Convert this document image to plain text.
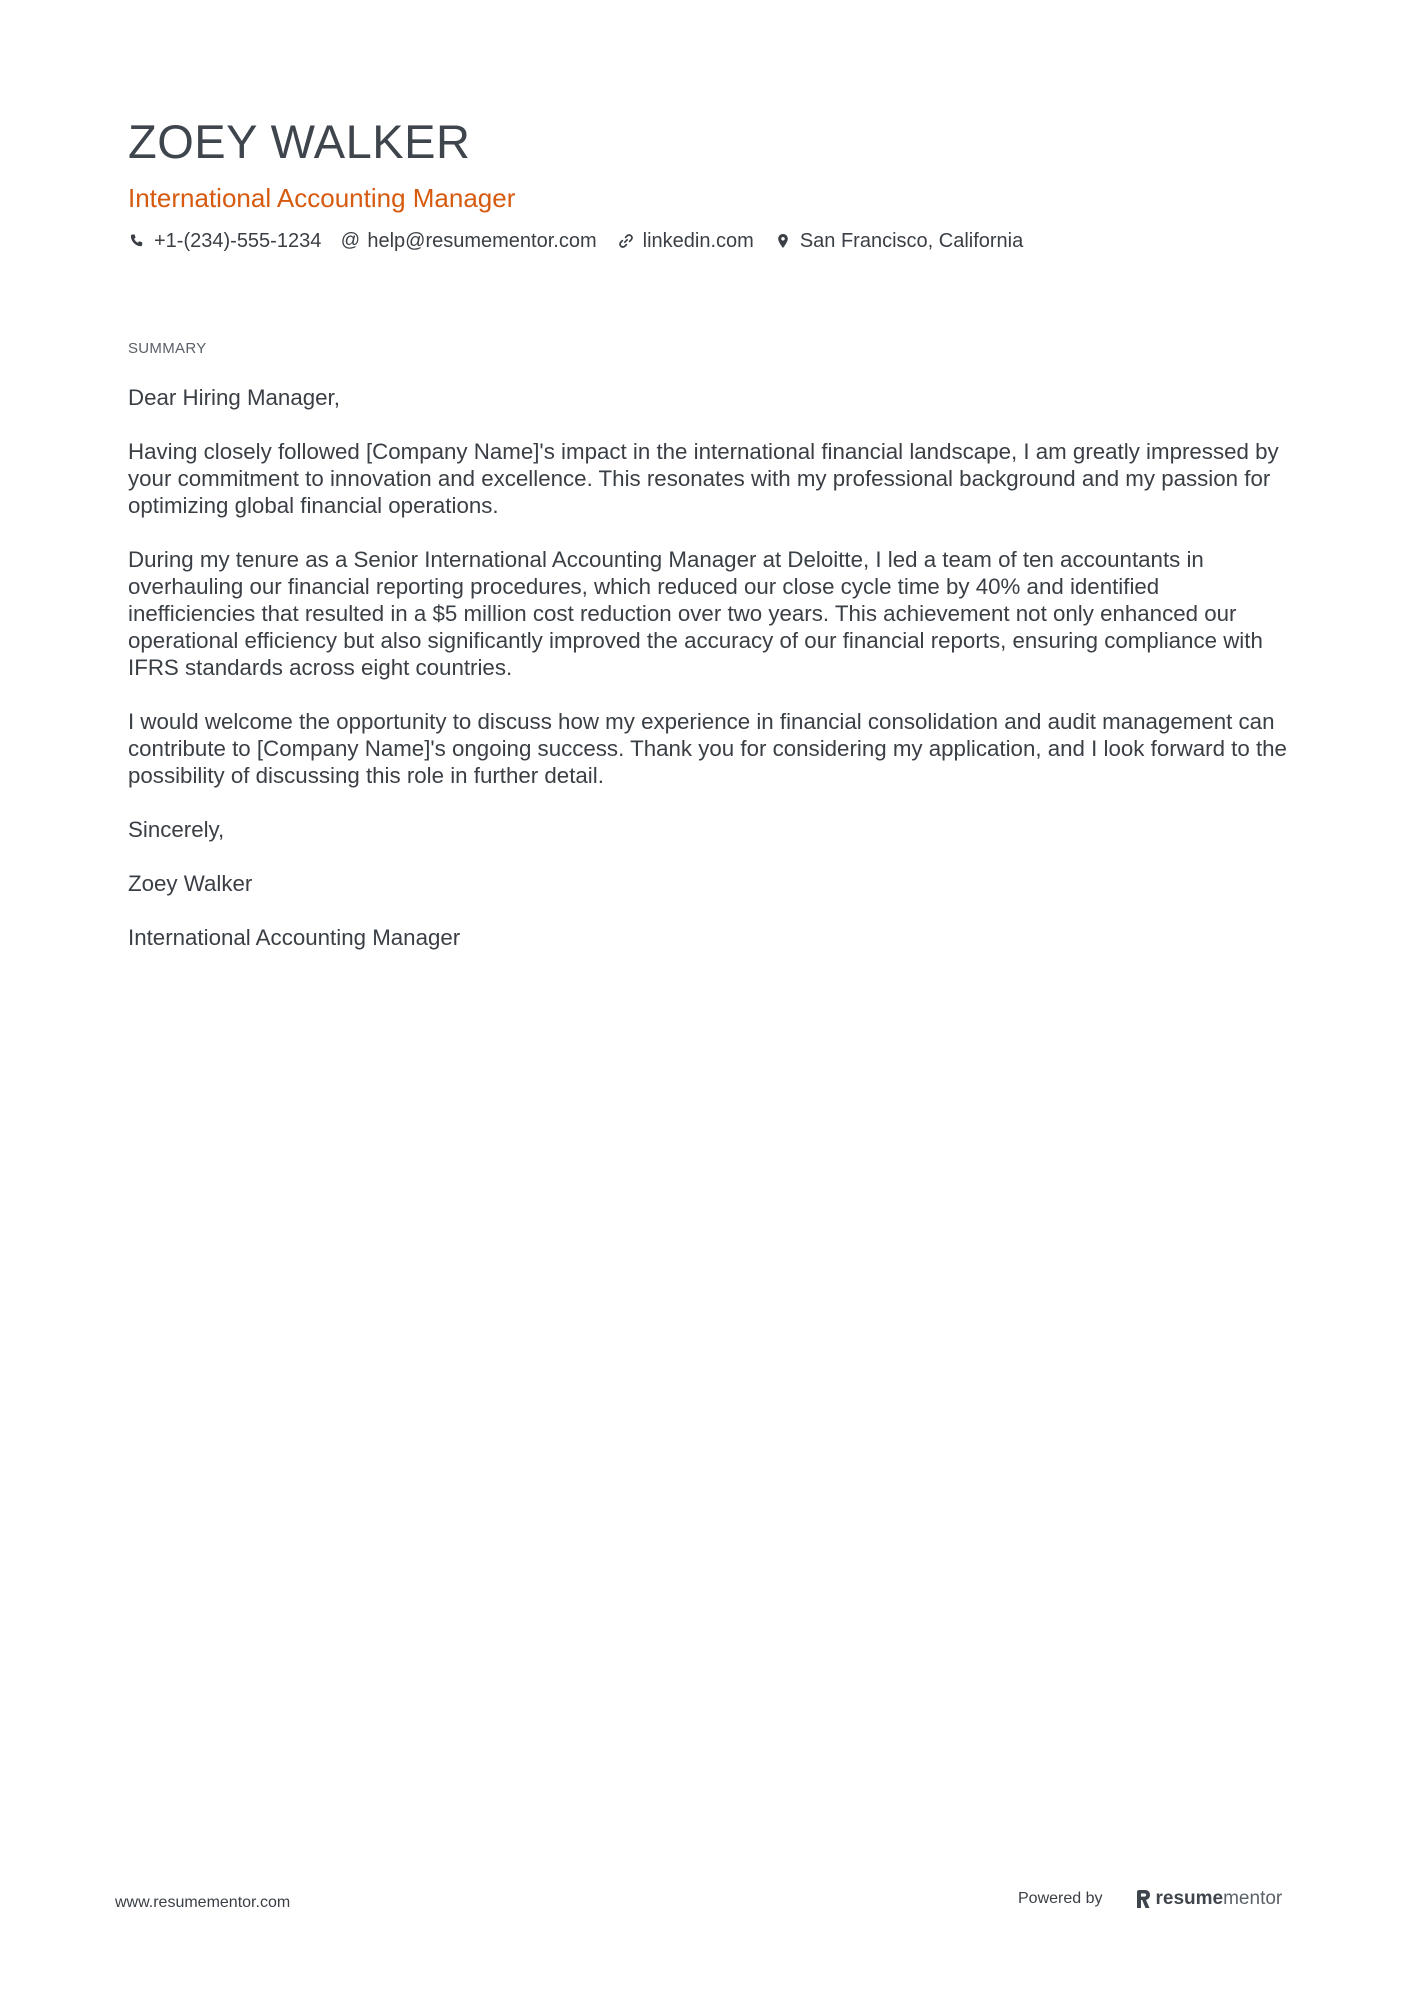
ZOEY WALKER
International Accounting Manager
+1-(234)-555-1234 @ help@resumementor.com linkedin.com San Francisco, California
SUMMARY

Dear Hiring Manager,

Having closely followed [Company Name]'s impact in the international financial landscape, I am greatly impressed by your commitment to innovation and excellence. This resonates with my professional background and my passion for optimizing global financial operations.

During my tenure as a Senior International Accounting Manager at Deloitte, I led a team of ten accountants in overhauling our financial reporting procedures, which reduced our close cycle time by 40% and identified inefficiencies that resulted in a $5 million cost reduction over two years. This achievement not only enhanced our operational efficiency but also significantly improved the accuracy of our financial reports, ensuring compliance with IFRS standards across eight countries.

I would welcome the opportunity to discuss how my experience in financial consolidation and audit management can contribute to [Company Name]'s ongoing success. Thank you for considering my application, and I look forward to the possibility of discussing this role in further detail.

Sincerely,

Zoey Walker

International Accounting Manager

www.resumementor.com	Powered by	resume mentor
